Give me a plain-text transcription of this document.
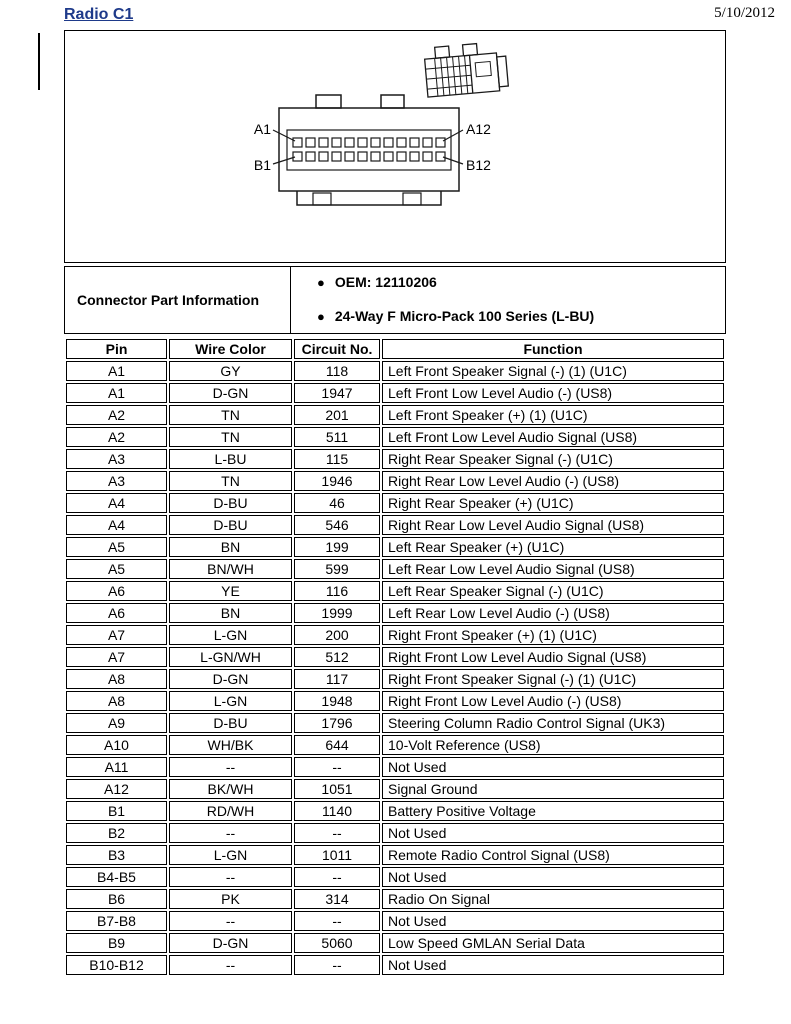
Radio C1	5/10/2012
A1	A12
B1	B12
Connector Part Information
● OEM: 12110206
● 24-Way F Micro-Pack 100 Series (L-BU)
Pin	Wire Color	Circuit No.	Function
A1	GY	118	Left Front Speaker Signal (-) (1) (U1C)
A1	D-GN	1947	Left Front Low Level Audio (-) (US8)
A2	TN	201	Left Front Speaker (+) (1) (U1C)
A2	TN	511	Left Front Low Level Audio Signal (US8)
A3	L-BU	115	Right Rear Speaker Signal (-) (U1C)
A3	TN	1946	Right Rear Low Level Audio (-) (US8)
A4	D-BU	46	Right Rear Speaker (+) (U1C)
A4	D-BU	546	Right Rear Low Level Audio Signal (US8)
A5	BN	199	Left Rear Speaker (+) (U1C)
A5	BN/WH	599	Left Rear Low Level Audio Signal (US8)
A6	YE	116	Left Rear Speaker Signal (-) (U1C)
A6	BN	1999	Left Rear Low Level Audio (-) (US8)
A7	L-GN	200	Right Front Speaker (+) (1) (U1C)
A7	L-GN/WH	512	Right Front Low Level Audio Signal (US8)
A8	D-GN	117	Right Front Speaker Signal (-) (1) (U1C)
A8	L-GN	1948	Right Front Low Level Audio (-) (US8)
A9	D-BU	1796	Steering Column Radio Control Signal (UK3)
A10	WH/BK	644	10-Volt Reference (US8)
A11	--	--	Not Used
A12	BK/WH	1051	Signal Ground
B1	RD/WH	1140	Battery Positive Voltage
B2	--	--	Not Used
B3	L-GN	1011	Remote Radio Control Signal (US8)
B4-B5	--	--	Not Used
B6	PK	314	Radio On Signal
B7-B8	--	--	Not Used
B9	D-GN	5060	Low Speed GMLAN Serial Data
B10-B12	--	--	Not Used
